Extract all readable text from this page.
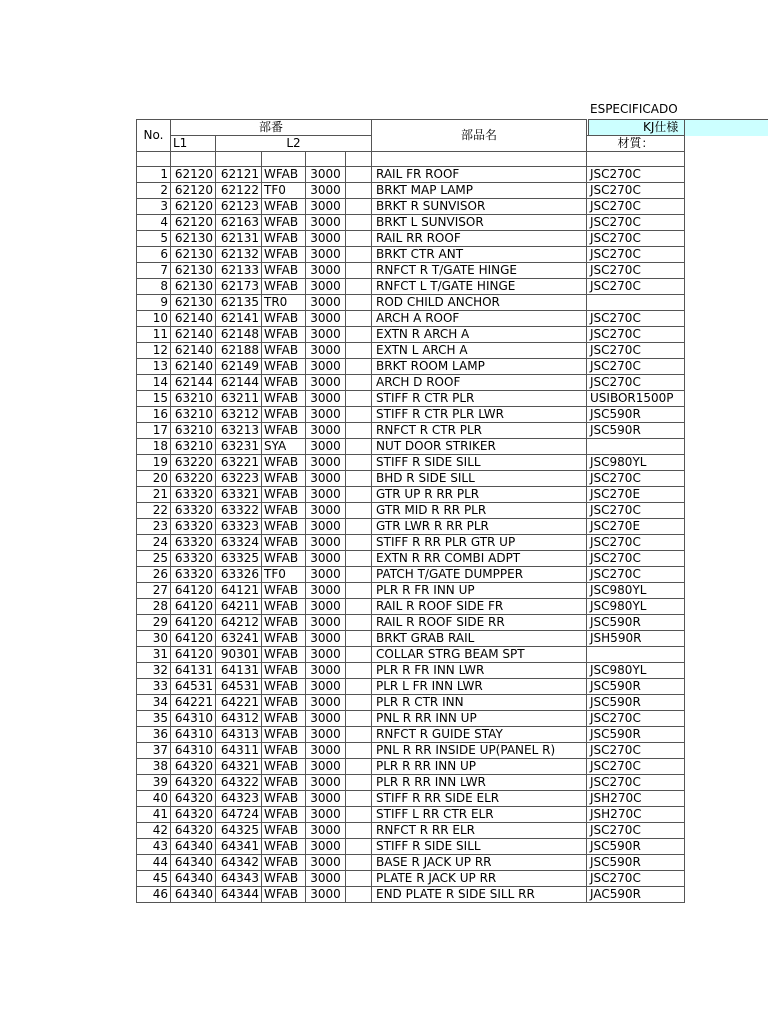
ESPECIFICADO
KJ仕様
No.	部番					部品名	
	L1	L2					材質：

1	62120	62121	WFAB	3000		RAIL FR ROOF	JSC270C
2	62120	62122	TF0	3000		BRKT MAP LAMP	JSC270C
3	62120	62123	WFAB	3000		BRKT R SUNVISOR	JSC270C
4	62120	62163	WFAB	3000		BRKT L SUNVISOR	JSC270C
5	62130	62131	WFAB	3000		RAIL RR ROOF	JSC270C
6	62130	62132	WFAB	3000		BRKT CTR ANT	JSC270C
7	62130	62133	WFAB	3000		RNFCT R T/GATE HINGE	JSC270C
8	62130	62173	WFAB	3000		RNFCT L T/GATE HINGE	JSC270C
9	62130	62135	TR0	3000		ROD CHILD ANCHOR	
10	62140	62141	WFAB	3000		ARCH A ROOF	JSC270C
11	62140	62148	WFAB	3000		EXTN R ARCH A	JSC270C
12	62140	62188	WFAB	3000		EXTN L ARCH A	JSC270C
13	62140	62149	WFAB	3000		BRKT ROOM LAMP	JSC270C
14	62144	62144	WFAB	3000		ARCH D ROOF	JSC270C
15	63210	63211	WFAB	3000		STIFF R CTR PLR	USIBOR1500P
16	63210	63212	WFAB	3000		STIFF R CTR PLR LWR	JSC590R
17	63210	63213	WFAB	3000		RNFCT R CTR PLR	JSC590R
18	63210	63231	SYA	3000		NUT DOOR STRIKER	
19	63220	63221	WFAB	3000		STIFF R SIDE SILL	JSC980YL
20	63220	63223	WFAB	3000		BHD R SIDE SILL	JSC270C
21	63320	63321	WFAB	3000		GTR UP R RR PLR	JSC270E
22	63320	63322	WFAB	3000		GTR MID R RR PLR	JSC270C
23	63320	63323	WFAB	3000		GTR LWR R RR PLR	JSC270E
24	63320	63324	WFAB	3000		STIFF R RR PLR GTR UP	JSC270C
25	63320	63325	WFAB	3000		EXTN R RR COMBI ADPT	JSC270C
26	63320	63326	TF0	3000		PATCH T/GATE DUMPPER	JSC270C
27	64120	64121	WFAB	3000		PLR R FR INN UP	JSC980YL
28	64120	64211	WFAB	3000		RAIL R ROOF SIDE FR	JSC980YL
29	64120	64212	WFAB	3000		RAIL R ROOF SIDE RR	JSC590R
30	64120	63241	WFAB	3000		BRKT GRAB RAIL	JSH590R
31	64120	90301	WFAB	3000		COLLAR STRG BEAM SPT	
32	64131	64131	WFAB	3000		PLR R FR INN LWR	JSC980YL
33	64531	64531	WFAB	3000		PLR L FR INN LWR	JSC590R
34	64221	64221	WFAB	3000		PLR R CTR INN	JSC590R
35	64310	64312	WFAB	3000		PNL R RR INN UP	JSC270C
36	64310	64313	WFAB	3000		RNFCT R GUIDE STAY	JSC590R
37	64310	64311	WFAB	3000		PNL R RR INSIDE UP(PANEL R)	JSC270C
38	64320	64321	WFAB	3000		PLR R RR INN UP	JSC270C
39	64320	64322	WFAB	3000		PLR R RR INN LWR	JSC270C
40	64320	64323	WFAB	3000		STIFF R RR SIDE ELR	JSH270C
41	64320	64724	WFAB	3000		STIFF L RR CTR ELR	JSH270C
42	64320	64325	WFAB	3000		RNFCT R RR ELR	JSC270C
43	64340	64341	WFAB	3000		STIFF R SIDE SILL	JSC590R
44	64340	64342	WFAB	3000		BASE R JACK UP RR	JSC590R
45	64340	64343	WFAB	3000		PLATE R JACK UP RR	JSC270C
46	64340	64344	WFAB	3000		END PLATE R SIDE SILL RR	JAC590R
